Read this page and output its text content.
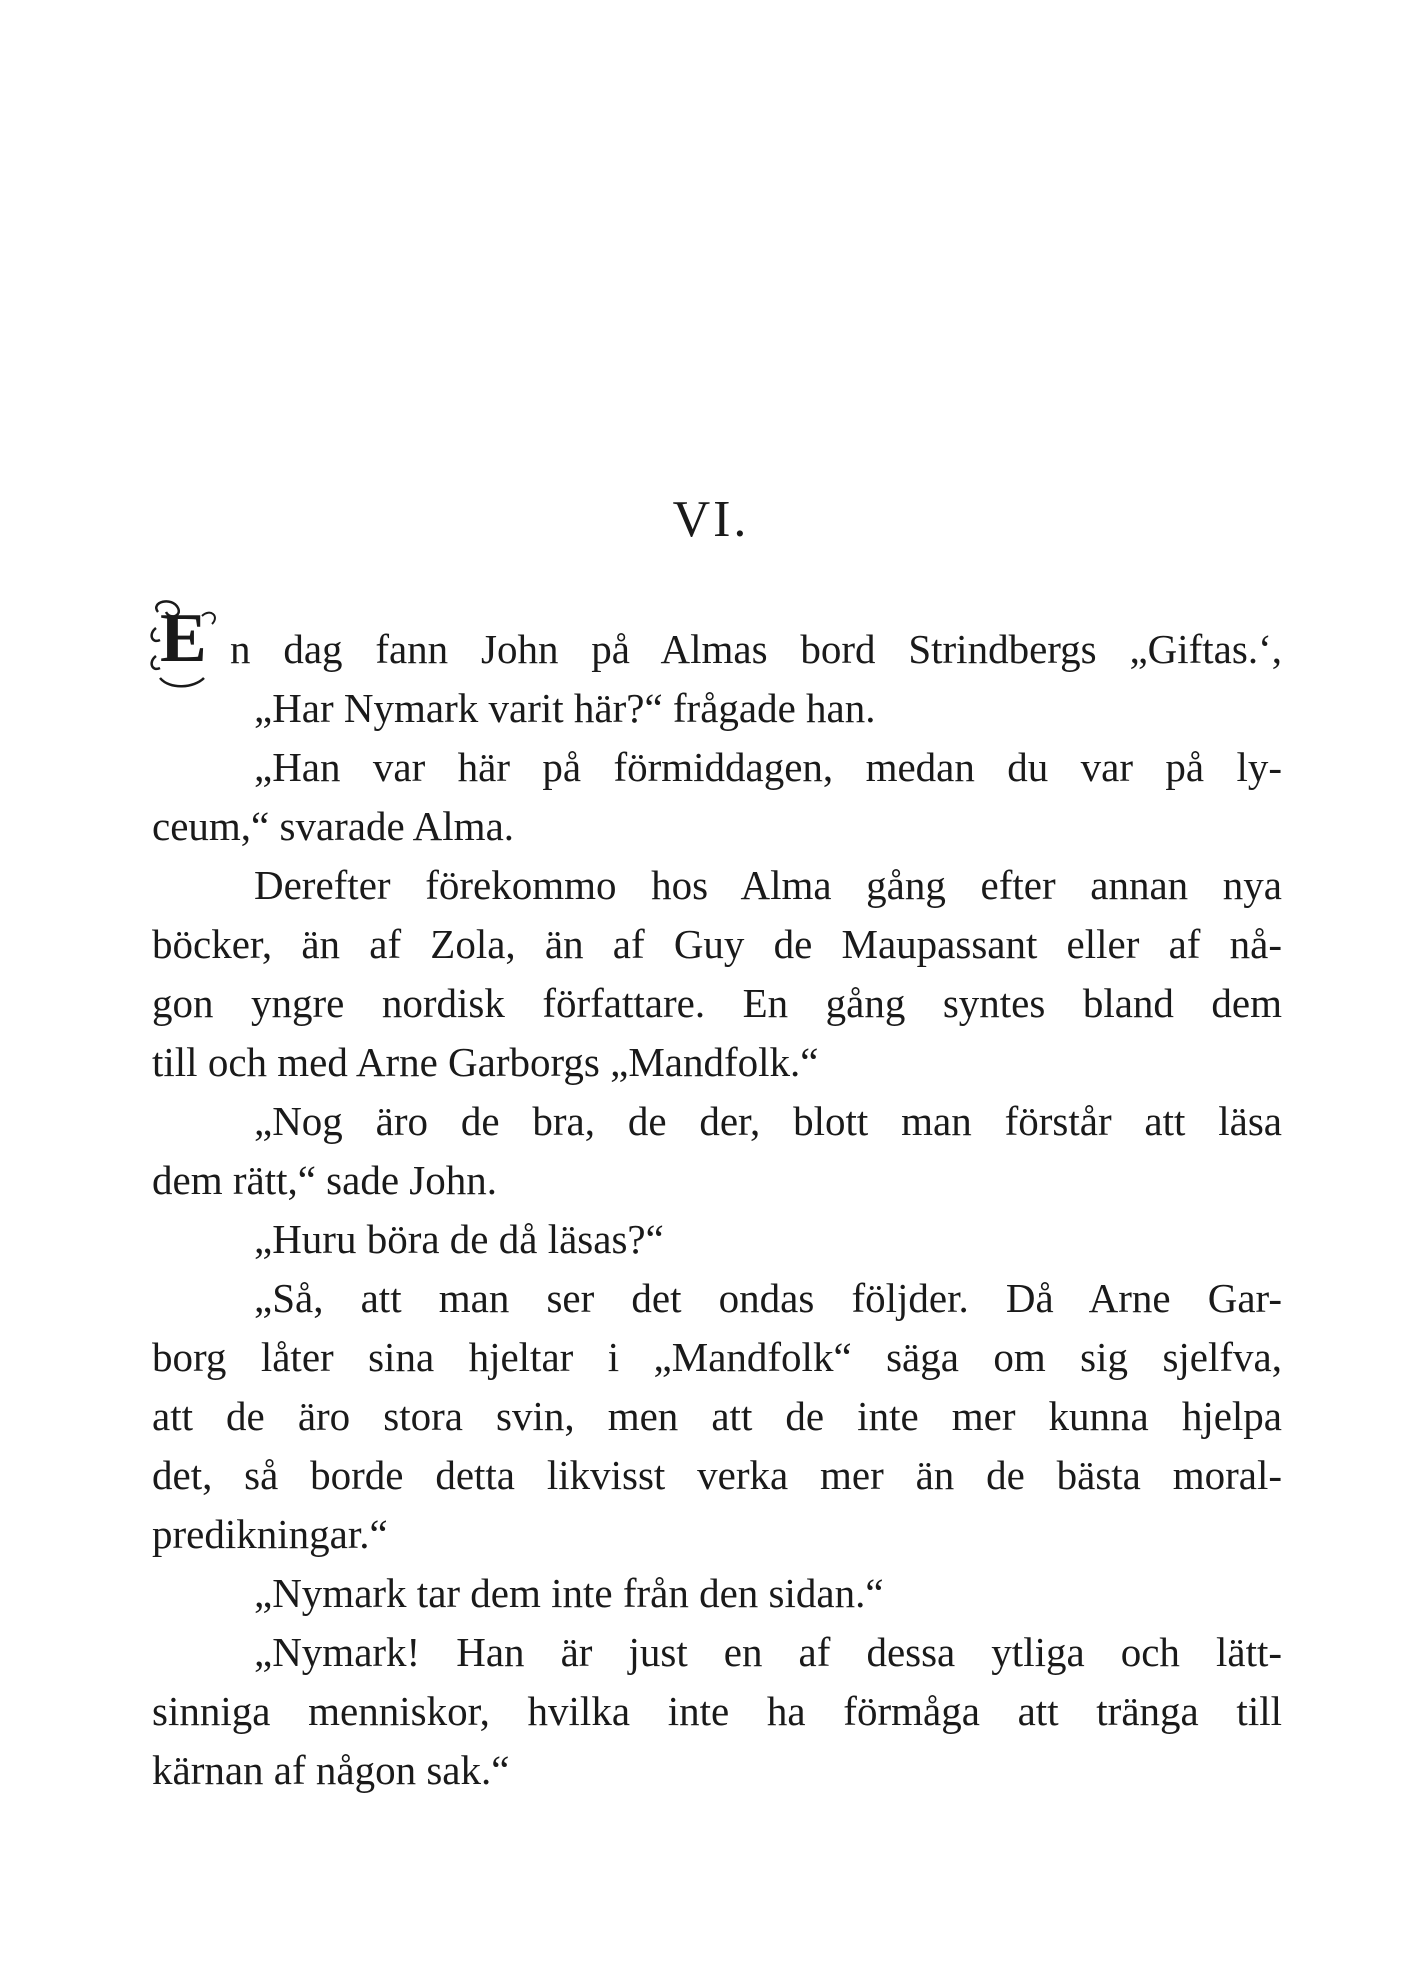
VI.
E n dag fann John på Almas bord Strindbergs „Giftas.‘,
„Har Nymark varit här?“ frågade han.
„Han var här på förmiddagen, medan du var på ly-
ceum,“ svarade Alma.
Derefter förekommo hos Alma gång efter annan nya
böcker, än af Zola, än af Guy de Maupassant eller af nå-
gon yngre nordisk författare. En gång syntes bland dem
till och med Arne Garborgs „Mandfolk.“
„Nog äro de bra, de der, blott man förstår att läsa
dem rätt,“ sade John.
„Huru böra de då läsas?“
„Så, att man ser det ondas följder. Då Arne Gar-
borg låter sina hjeltar i „Mandfolk“ säga om sig sjelfva,
att de äro stora svin, men att de inte mer kunna hjelpa
det, så borde detta likvisst verka mer än de bästa moral-
predikningar.“
„Nymark tar dem inte från den sidan.“
„Nymark! Han är just en af dessa ytliga och lätt-
sinniga menniskor, hvilka inte ha förmåga att tränga till
kärnan af någon sak.“
